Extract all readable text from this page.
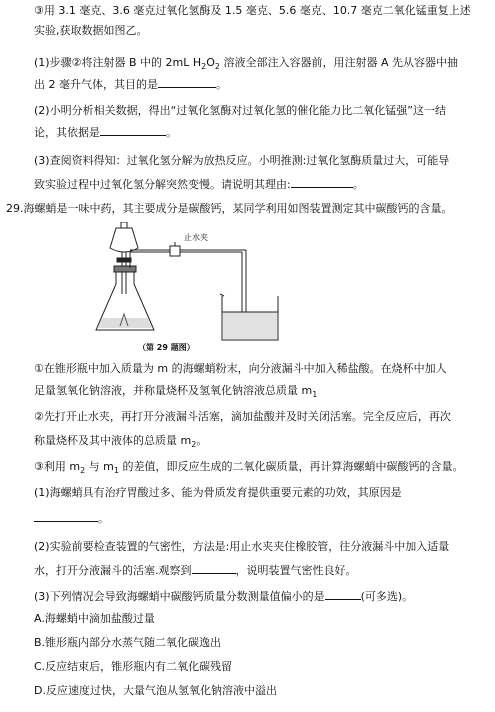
③用 3.1 毫克、3.6 毫克过氧化氢酶及 1.5 毫克、5.6 毫克、10.7 毫克二氧化锰重复上述
实验,获取数据如图乙。
(1)步骤②将注射器 B 中的 2mL $H_2O_2$ 溶液全部注入容器前，用注射器 A 先从容器中抽
出 2 毫升气体，其目的是	。
(2)小明分析相关数据，得出“过氧化氢酶对过氧化氢的催化能力比二氧化锰强”这一结
论，其依据是	。
(3)查阅资料得知：过氧化氢分解为放热反应。小明推测:过氧化氢酶质量过大，可能导
致实验过程中过氧化氢分解突然变慢。请说明其理由:	。
29.海螺蛸是一味中药，其主要成分是碳酸钙，某同学利用如图装置测定其中碳酸钙的含量。
止水夹
（第 29 题图）
①在锥形瓶中加入质量为 m 的海螺蛸粉末，向分液漏斗中加入稀盐酸。在烧杯中加人
足量氢氧化钠溶液，并称量烧杯及氢氧化钠溶液总质量 $m_1$
②先打开止水夹，再打开分液漏斗活塞，滴加盐酸并及时关闭活塞。完全反应后，再次
称量烧杯及其中液体的总质量 $m_2$。
③利用 $m_2$ 与 $m_1$ 的差值，即反应生成的二氧化碳质量，再计算海螺蛸中碳酸钙的含量。
(1)海螺蛸具有治疗胃酸过多、能为骨质发育提供重要元素的功效，其原因是
。
(2)实验前要检查装置的气密性，方法是:用止水夹夹住橡胶管，往分液漏斗中加入适量
水，打开分液漏斗的活塞.观察到	，说明装置气密性良好。
(3)下列情况会导致海螺蛸中碳酸钙质量分数测量值偏小的是	(可多选)。
A.海螺蛸中滴加盐酸过量
B.锥形瓶内部分水蒸气随二氧化碳逸出
C.反应结束后，锥形瓶内有二氧化碳残留
D.反应速度过快，大量气泡从氢氧化钠溶液中溢出
